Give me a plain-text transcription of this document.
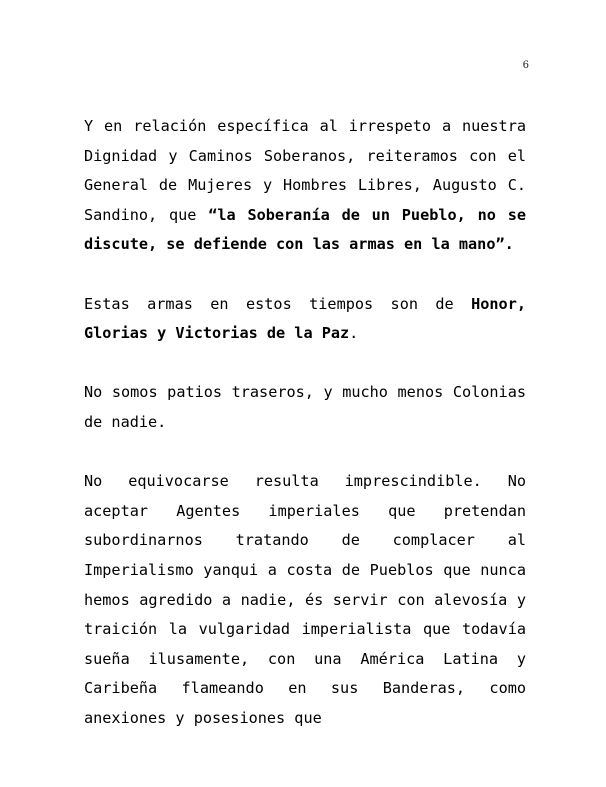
6

Y en relación específica al irrespeto a nuestra Dignidad y Caminos Soberanos, reiteramos con el General de Mujeres y Hombres Libres, Augusto C. Sandino, que “la Soberanía de un Pueblo, no se discute, se defiende con las armas en la mano”.

Estas armas en estos tiempos son de Honor, Glorias y Victorias de la Paz.

No somos patios traseros, y mucho menos Colonias de nadie.

No equivocarse resulta imprescindible. No aceptar Agentes imperiales que pretendan subordinarnos tratando de complacer al Imperialismo yanqui a costa de Pueblos que nunca hemos agredido a nadie, és servir con alevosía y traición la vulgaridad imperialista que todavía sueña ilusamente, con una América Latina y Caribeña flameando en sus Banderas, como anexiones y posesiones que
